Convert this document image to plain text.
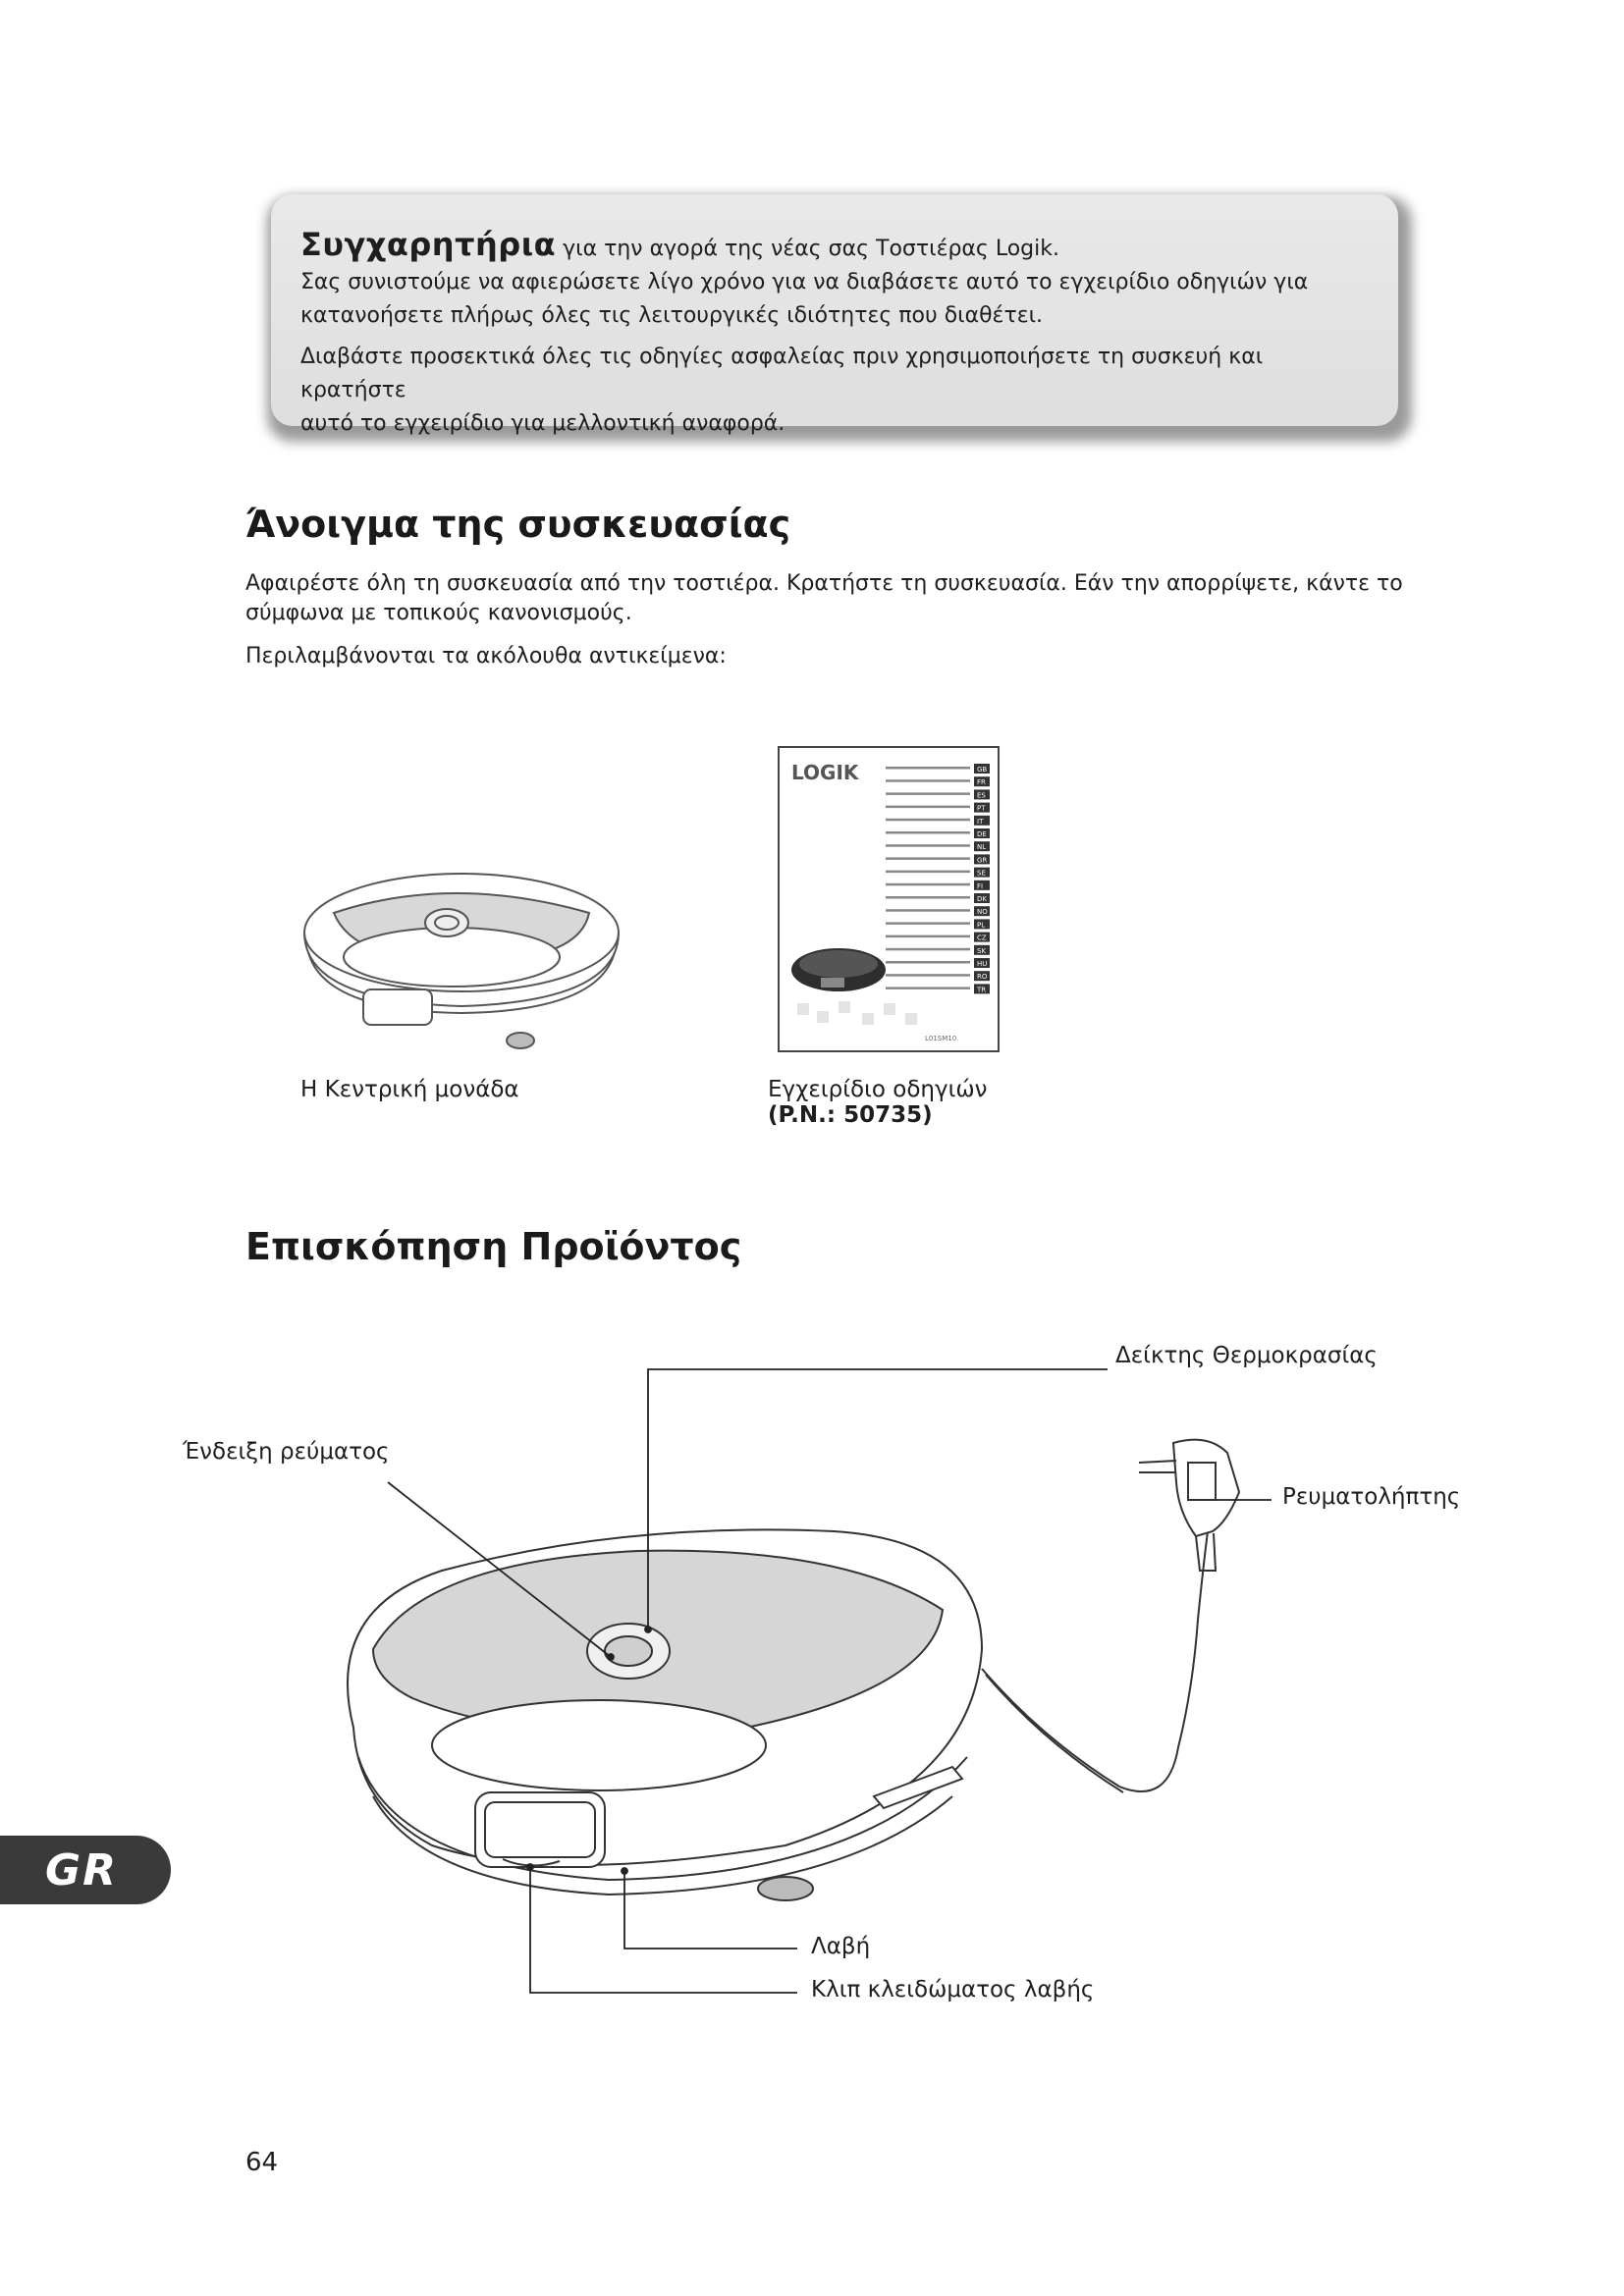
Συγχαρητήρια για την αγορά της νέας σας Τοστιέρας Logik.

Σας συνιστούμε να αφιερώσετε λίγο χρόνο για να διαβάσετε αυτό το εγχειρίδιο οδηγιών για

κατανοήσετε πλήρως όλες τις λειτουργικές ιδιότητες που διαθέτει.

Διαβάστε προσεκτικά όλες τις οδηγίες ασφαλείας πριν χρησιμοποιήσετε τη συσκευή και κρατήστε

αυτό το εγχειρίδιο για μελλοντική αναφορά.

Άνοιγμα της συσκευασίας

Αφαιρέστε όλη τη συσκευασία από την τοστιέρα. Κρατήστε τη συσκευασία. Εάν την απορρίψετε, κάντε το

σύμφωνα με τοπικούς κανονισμούς.

Περιλαμβάνονται τα ακόλουθα αντικείμενα:

Η Κεντρική μονάδα
LOGIK	GB
FR
ES
PT
IT
DE
NL
GR
SE
FI
DK
NO
PL
CZ
SK
HU
RO
TR
L01SM10
Εγχειρίδιο οδηγιών
(P.N.: 50735)
Επισκόπηση Προϊόντος
Δείκτης Θερμοκρασίας
Ένδειξη ρεύματος
Ρευματολήπτης
Λαβή
Κλιπ κλειδώματος λαβής
GR
64
